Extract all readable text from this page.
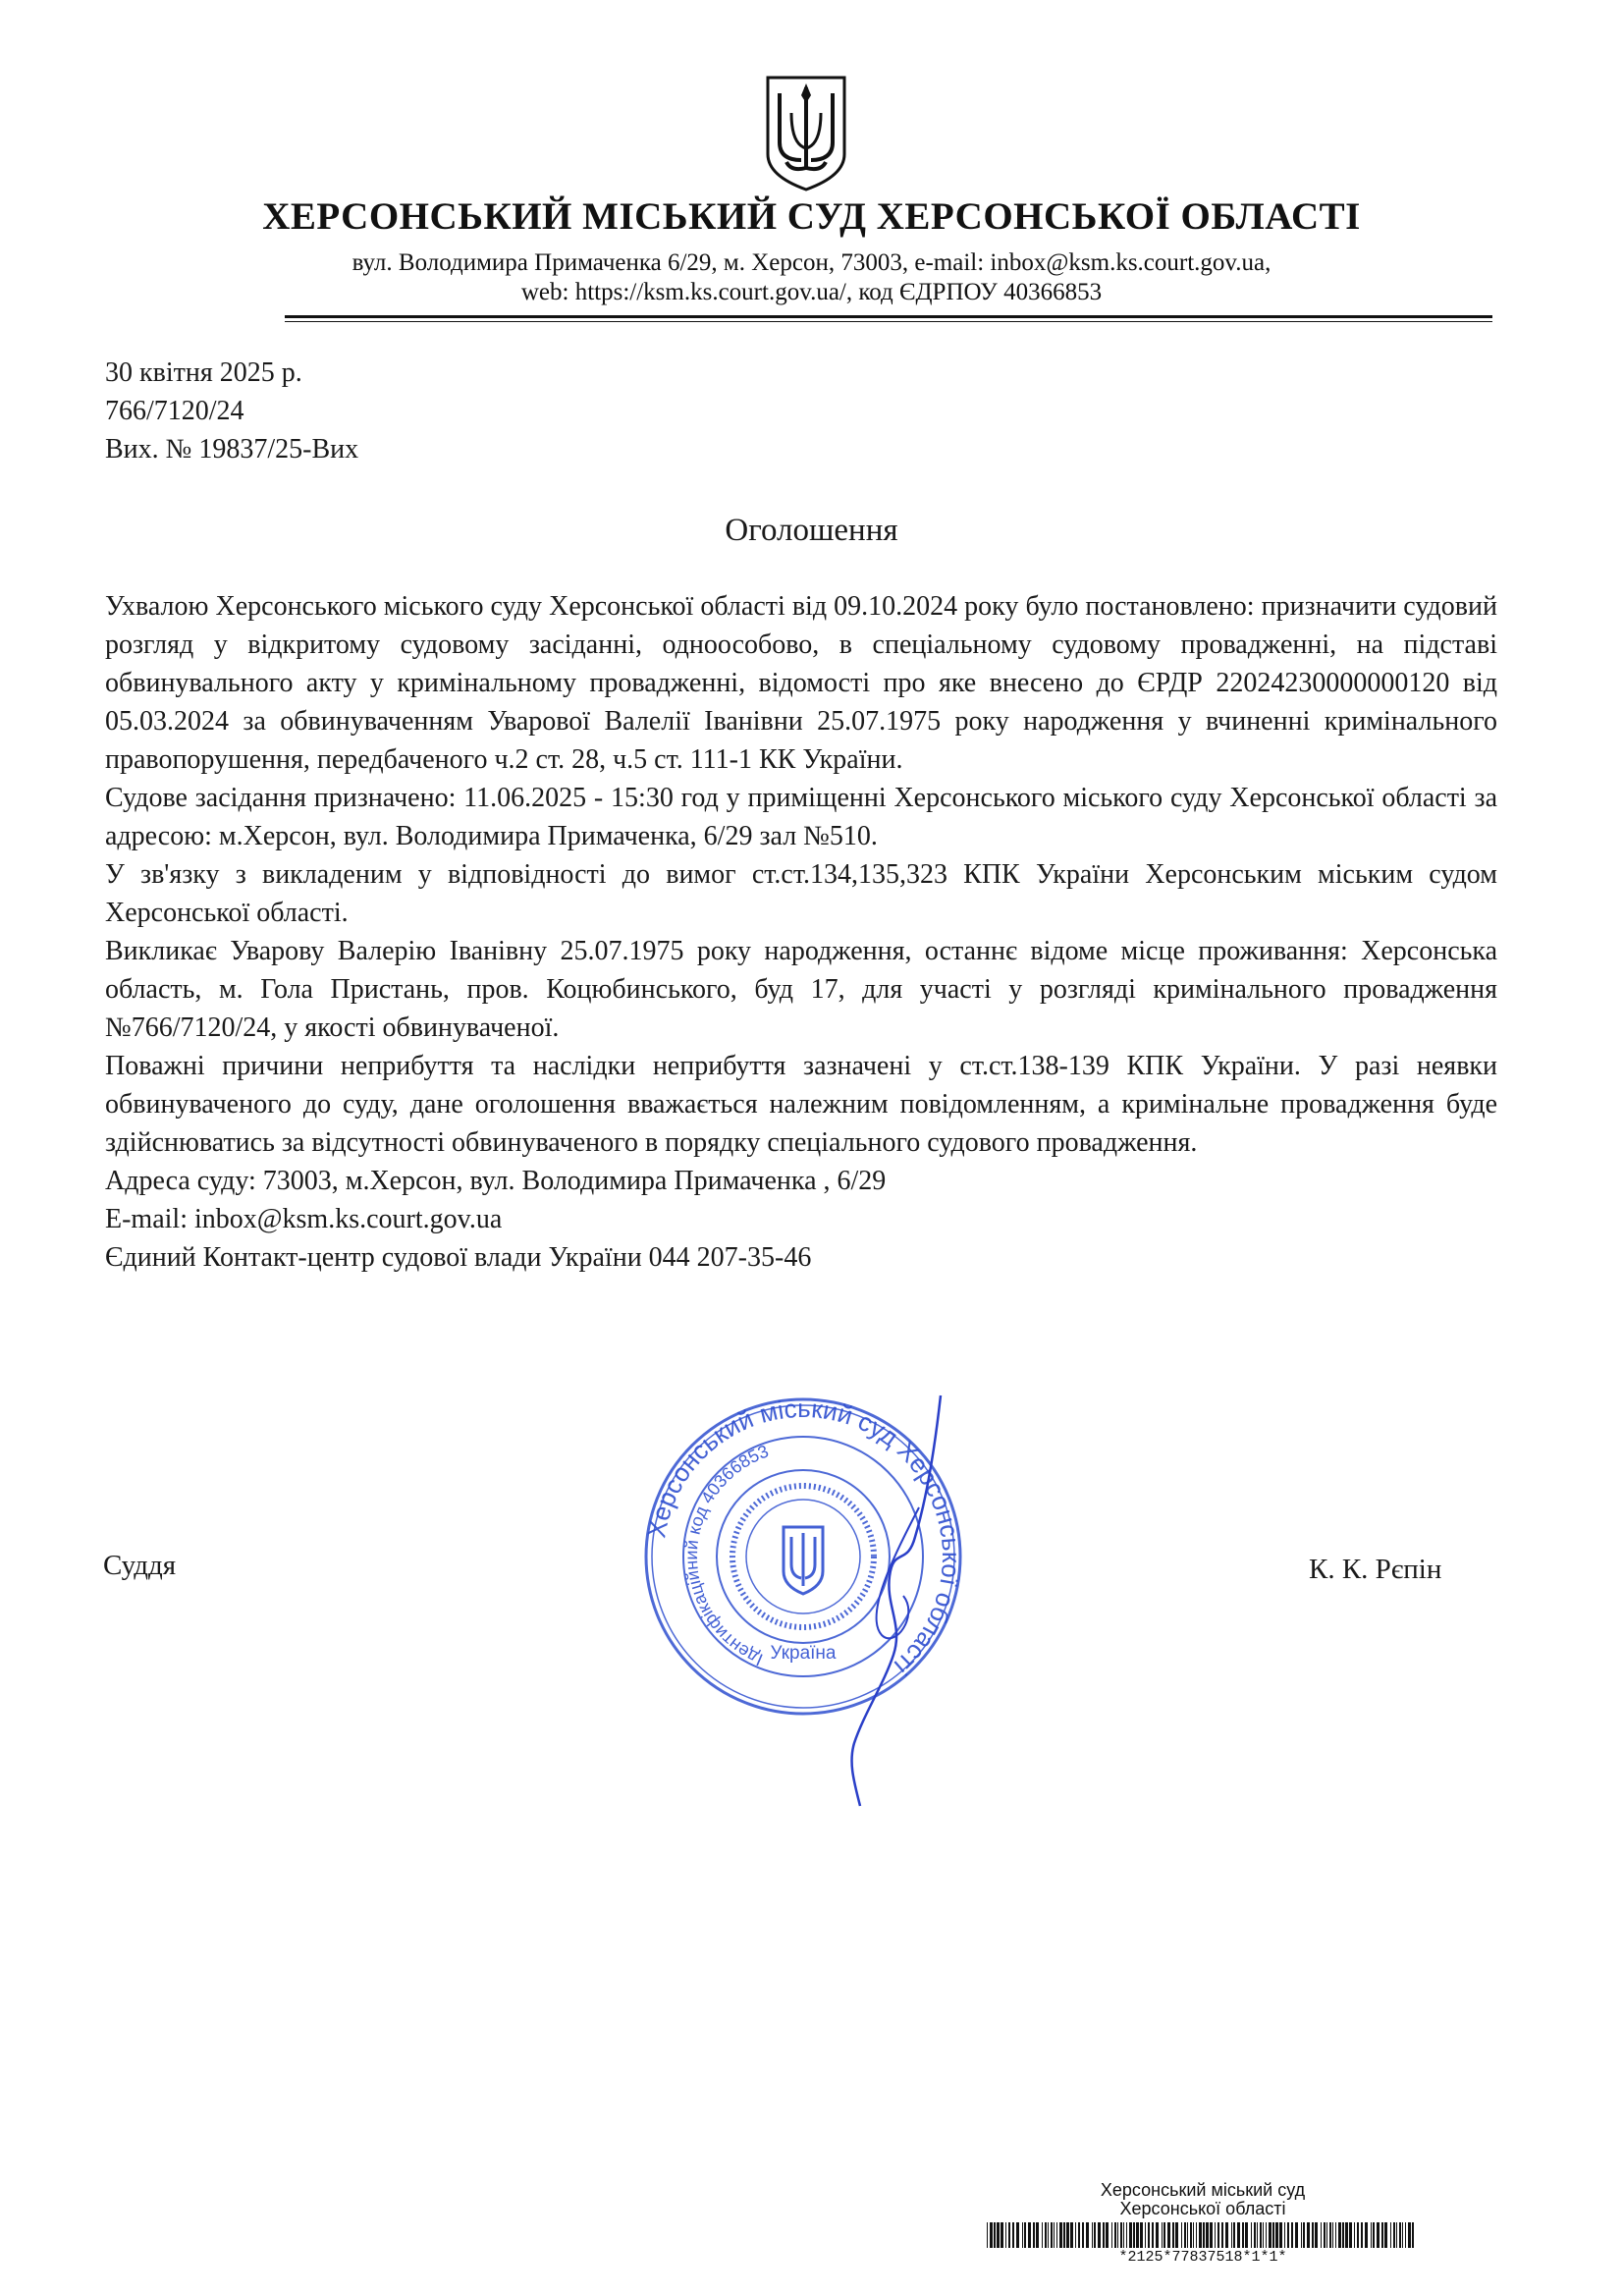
ХЕРСОНСЬКИЙ МІСЬКИЙ СУД ХЕРСОНСЬКОЇ ОБЛАСТІ
вул. Володимира Примаченка 6/29, м. Херсон, 73003, e-mail: inbox@ksm.ks.court.gov.ua,
web: https://ksm.ks.court.gov.ua/, код ЄДРПОУ 40366853
30 квітня 2025 р.
766/7120/24
Вих. № 19837/25-Вих
Оголошення

Ухвалою Херсонського міського суду Херсонської області від 09.10.2024 року було постановлено: призначити судовий розгляд у відкритому судовому засіданні, одноособово, в спеціальному судовому провадженні, на підставі обвинувального акту у кримінальному провадженні, відомості про яке внесено до ЄРДР 22024230000000120 від 05.03.2024 за обвинуваченням Уварової Валелії Іванівни 25.07.1975 року народження у вчиненні кримінального правопорушення, передбаченого ч.2 ст. 28, ч.5 ст. 111-1 КК України.

Судове засідання призначено: 11.06.2025 - 15:30 год у приміщенні Херсонського міського суду Херсонської області за адресою: м.Херсон, вул. Володимира Примаченка, 6/29 зал №510.

У зв'язку з викладеним у відповідності до вимог ст.ст.134,135,323 КПК України Херсонським міським судом Херсонської області.

Викликає Уварову Валерію Іванівну 25.07.1975 року народження, останнє відоме місце проживання: Херсонська область, м. Гола Пристань, пров. Коцюбинського, буд 17, для участі у розгляді кримінального провадження №766/7120/24, у якості обвинуваченої.

Поважні причини неприбуття та наслідки неприбуття зазначені у ст.ст.138-139 КПК України. У разі неявки обвинуваченого до суду, дане оголошення вважається належним повідомленням, а кримінальне провадження буде здійснюватись за відсутності обвинуваченого в порядку спеціального судового провадження.

Адреса суду: 73003, м.Херсон, вул. Володимира Примаченка , 6/29

E-mail: inbox@ksm.ks.court.gov.ua

Єдиний Контакт-центр судової влади України 044 207-35-46

Херсонський міський суд Херсонської області
Ідентифікаційний код 40366853
Україна
Суддя	К. К. Рєпін
Херсонський міський суд
Херсонської області
*2125*77837518*1*1*
